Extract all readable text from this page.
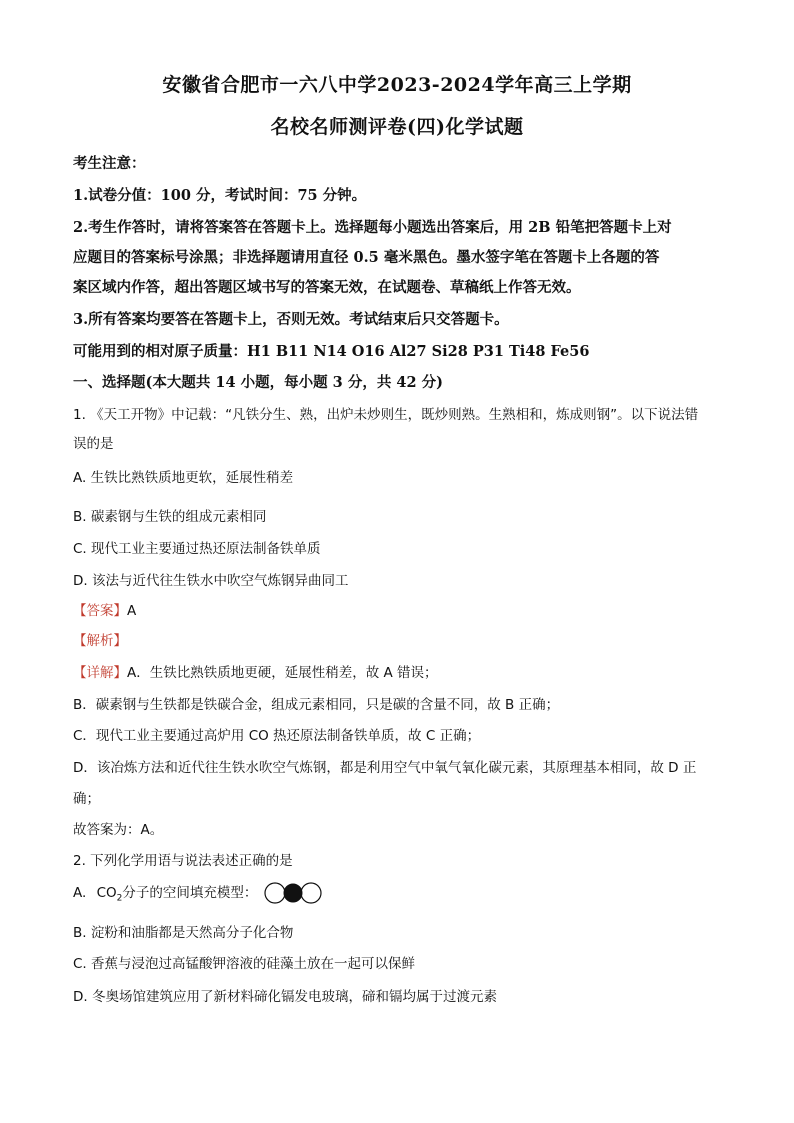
安徽省合肥市一六八中学2023-2024学年高三上学期
名校名师测评卷(四)化学试题
考生注意：
1.试卷分值：100 分，考试时间：75 分钟。
2.考生作答时，请将答案答在答题卡上。选择题每小题选出答案后，用 2B 铅笔把答题卡上对
应题目的答案标号涂黑；非选择题请用直径 0.5 毫米黑色。墨水签字笔在答题卡上各题的答
案区域内作答，超出答题区域书写的答案无效，在试题卷、草稿纸上作答无效。
3.所有答案均要答在答题卡上，否则无效。考试结束后只交答题卡。
可能用到的相对原子质量：H1 B11 N14 O16 Al27 Si28 P31 Ti48 Fe56
一、选择题(本大题共 14 小题，每小题 3 分，共 42 分)
1. 《天工开物》中记载：“凡铁分生、熟，出炉未炒则生，既炒则熟。生熟相和，炼成则钢”。以下说法错
误的是
A. 生铁比熟铁质地更软，延展性稍差
B. 碳素钢与生铁的组成元素相同
C. 现代工业主要通过热还原法制备铁单质
D. 该法与近代往生铁水中吹空气炼钢异曲同工
【答案】A
【解析】
【详解】A．生铁比熟铁质地更硬，延展性稍差，故 A 错误；
B．碳素钢与生铁都是铁碳合金，组成元素相同，只是碳的含量不同，故 B 正确；
C．现代工业主要通过高炉用 CO 热还原法制备铁单质，故 C 正确；
D．该冶炼方法和近代往生铁水吹空气炼钢，都是利用空气中氧气氧化碳元素，其原理基本相同，故 D 正
确；
故答案为：A。
2. 下列化学用语与说法表述正确的是
A. $CO_2$分子的空间填充模型：
B. 淀粉和油脂都是天然高分子化合物
C. 香蕉与浸泡过高锰酸钾溶液的硅藻土放在一起可以保鲜
D. 冬奥场馆建筑应用了新材料碲化镉发电玻璃，碲和镉均属于过渡元素
